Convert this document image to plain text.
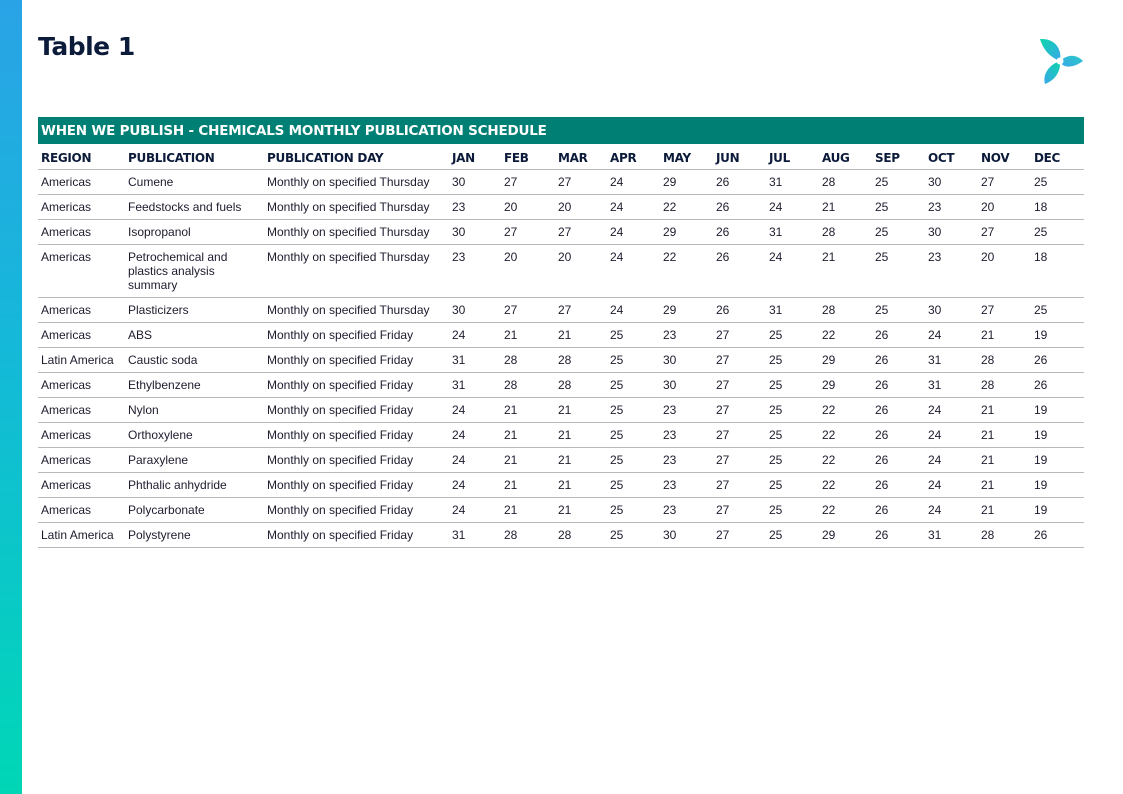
Table 1
WHEN WE PUBLISH - CHEMICALS MONTHLY PUBLICATION SCHEDULE
REGION	PUBLICATION	PUBLICATION DAY	JAN	FEB	MAR	APR	MAY	JUN	JUL	AUG	SEP	OCT	NOV	DEC
Americas	Cumene	Monthly on specified Thursday	30	27	27	24	29	26	31	28	25	30	27	25
Americas	Feedstocks and fuels	Monthly on specified Thursday	23	20	20	24	22	26	24	21	25	23	20	18
Americas	Isopropanol	Monthly on specified Thursday	30	27	27	24	29	26	31	28	25	30	27	25
Americas	Petrochemical and plastics analysis summary	Monthly on specified Thursday	23	20	20	24	22	26	24	21	25	23	20	18
Americas	Plasticizers	Monthly on specified Thursday	30	27	27	24	29	26	31	28	25	30	27	25
Americas	ABS	Monthly on specified Friday	24	21	21	25	23	27	25	22	26	24	21	19
Latin America	Caustic soda	Monthly on specified Friday	31	28	28	25	30	27	25	29	26	31	28	26
Americas	Ethylbenzene	Monthly on specified Friday	31	28	28	25	30	27	25	29	26	31	28	26
Americas	Nylon	Monthly on specified Friday	24	21	21	25	23	27	25	22	26	24	21	19
Americas	Orthoxylene	Monthly on specified Friday	24	21	21	25	23	27	25	22	26	24	21	19
Americas	Paraxylene	Monthly on specified Friday	24	21	21	25	23	27	25	22	26	24	21	19
Americas	Phthalic anhydride	Monthly on specified Friday	24	21	21	25	23	27	25	22	26	24	21	19
Americas	Polycarbonate	Monthly on specified Friday	24	21	21	25	23	27	25	22	26	24	21	19
Latin America	Polystyrene	Monthly on specified Friday	31	28	28	25	30	27	25	29	26	31	28	26
